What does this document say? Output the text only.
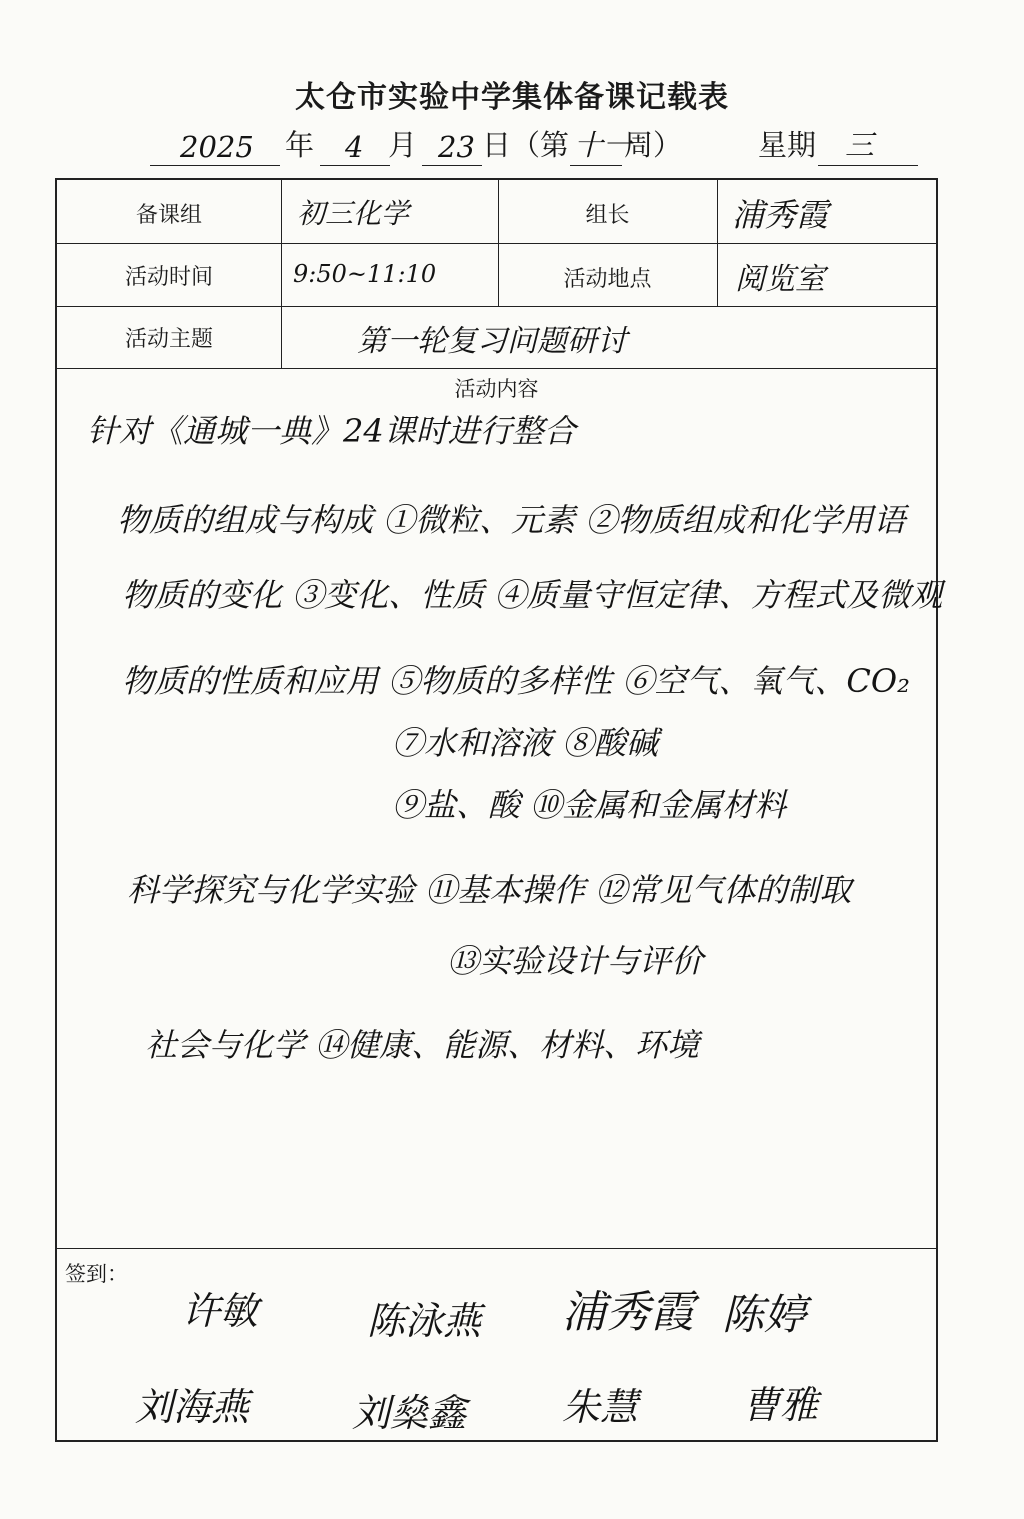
太仓市实验中学集体备课记载表
2025 年 4 月 23 日（第 十一
周）	星期 三
备课组	初三化学	组长	浦秀霞
活动时间	9:50~11:10	活动地点	阅览室
活动主题	第一轮复习问题研讨
活动内容
针对《通城一典》24课时进行整合
物质的组成与构成 ①微粒、元素 ②物质组成和化学用语
物质的变化 ③变化、性质 ④质量守恒定律、方程式及微观
物质的性质和应用 ⑤物质的多样性 ⑥空气、氧气、CO₂
⑦水和溶液 ⑧酸碱
⑨盐、酸 ⑩金属和金属材料
科学探究与化学实验 ⑪基本操作 ⑫常见气体的制取
⑬实验设计与评价
社会与化学 ⑭健康、能源、材料、环境
签到：
许敏	陈泳燕 浦秀霞 陈婷
刘海燕	刘燊鑫	朱慧	曹雅
